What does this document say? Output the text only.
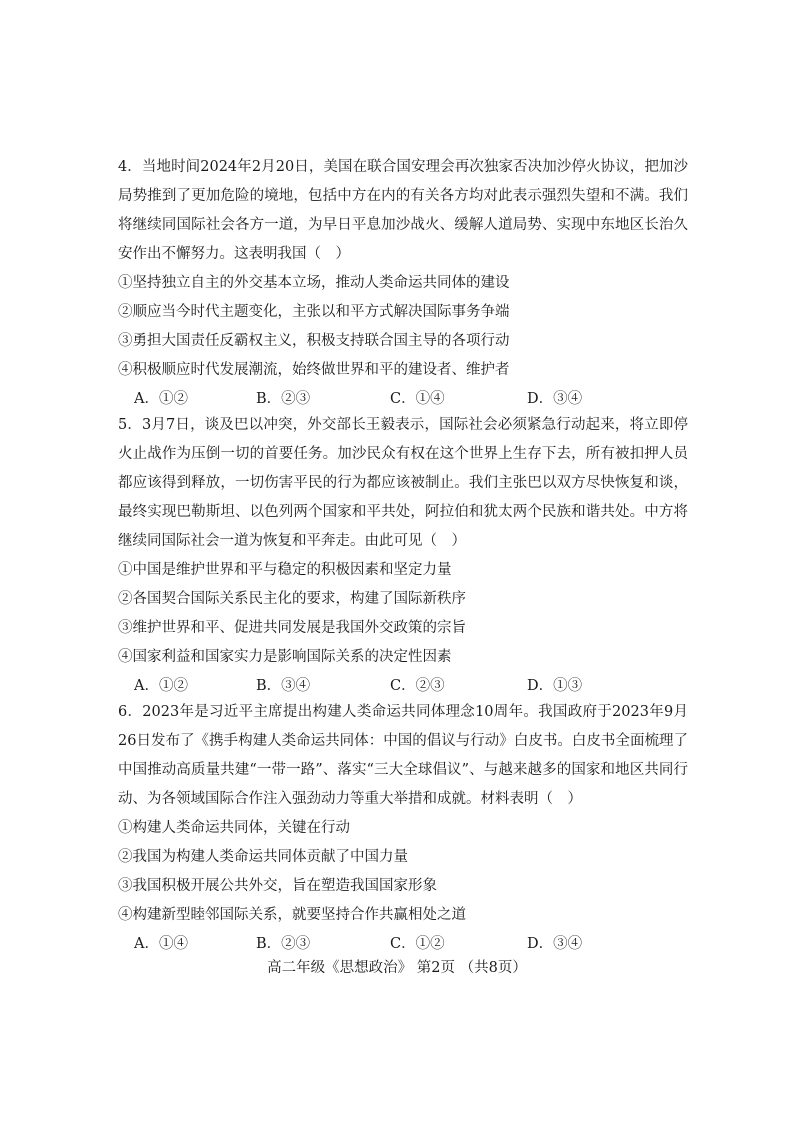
4．当地时间2024年2月20日，美国在联合国安理会再次独家否决加沙停火协议，把加沙局势推到了更加危险的境地，包括中方在内的有关各方均对此表示强烈失望和不满。我们将继续同国际社会各方一道，为早日平息加沙战火、缓解人道局势、实现中东地区长治久安作出不懈努力。这表明我国（　）

①坚持独立自主的外交基本立场，推动人类命运共同体的建设

②顺应当今时代主题变化，主张以和平方式解决国际事务争端

③勇担大国责任反霸权主义，积极支持联合国主导的各项行动

④积极顺应时代发展潮流，始终做世界和平的建设者、维护者

A．①②	B．②③	C．①④	D．③④

5．3月7日，谈及巴以冲突，外交部长王毅表示，国际社会必须紧急行动起来，将立即停火止战作为压倒一切的首要任务。加沙民众有权在这个世界上生存下去，所有被扣押人员都应该得到释放，一切伤害平民的行为都应该被制止。我们主张巴以双方尽快恢复和谈，最终实现巴勒斯坦、以色列两个国家和平共处，阿拉伯和犹太两个民族和谐共处。中方将继续同国际社会一道为恢复和平奔走。由此可见（　）

①中国是维护世界和平与稳定的积极因素和坚定力量

②各国契合国际关系民主化的要求，构建了国际新秩序

③维护世界和平、促进共同发展是我国外交政策的宗旨

④国家利益和国家实力是影响国际关系的决定性因素

A．①②	B．③④	C．②③	D．①③

6．2023年是习近平主席提出构建人类命运共同体理念10周年。我国政府于2023年9月26日发布了《携手构建人类命运共同体：中国的倡议与行动》白皮书。白皮书全面梳理了中国推动高质量共建“一带一路”、落实“三大全球倡议”、与越来越多的国家和地区共同行动、为各领域国际合作注入强劲动力等重大举措和成就。材料表明（　）

①构建人类命运共同体，关键在行动

②我国为构建人类命运共同体贡献了中国力量

③我国积极开展公共外交，旨在塑造我国国家形象

④构建新型睦邻国际关系，就要坚持合作共赢相处之道

A．①④	B．②③	C．①②	D．③④
高二年级《思想政治》 第2页 （共8页）
